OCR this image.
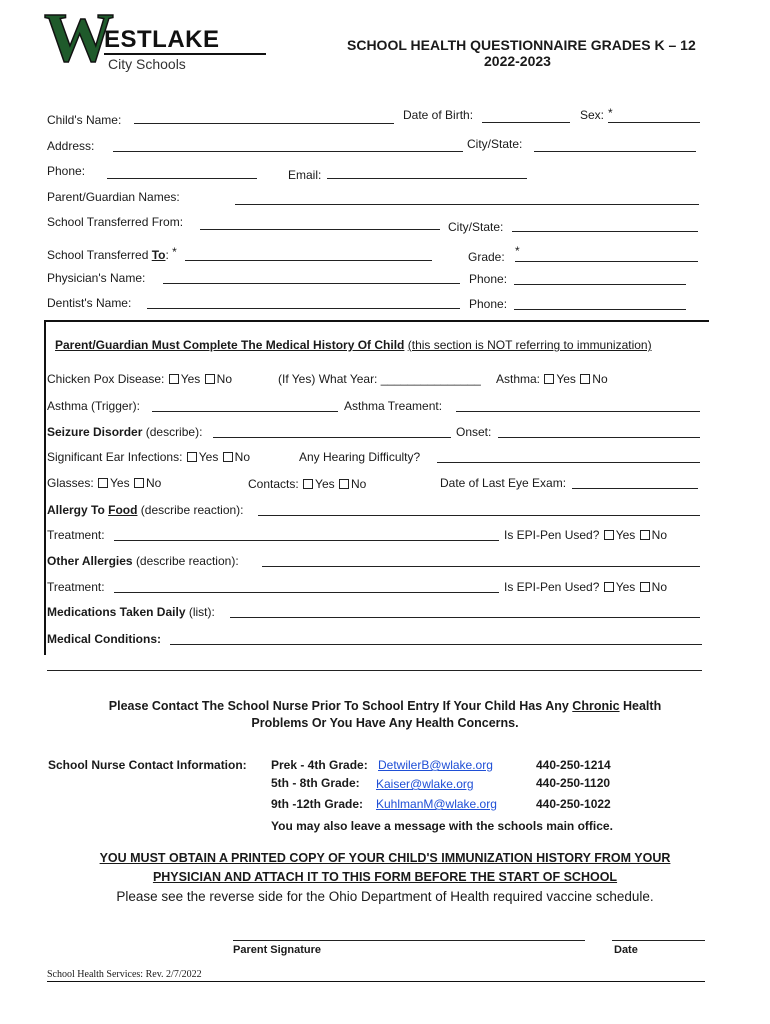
W
ESTLAKE
City Schools
SCHOOL HEALTH QUESTIONNAIRE GRADES K – 12
2022-2023
Child's Name:	Date of Birth:	Sex: *
Address:	City/State:
Phone:	Email:
Parent/Guardian Names:
School Transferred From:	City/State:
School Transferred To: *	Grade: *
Physician's Name:	Phone:
Dentist's Name:	Phone:
Parent/Guardian Must Complete The Medical History Of Child (this section is NOT referring to immunization)
Chicken Pox Disease: Yes No	(If Yes) What Year: _______________ Asthma: Yes No
Asthma (Trigger):	Asthma Treament:
Seizure Disorder (describe):	Onset:
Significant Ear Infections: Yes No	Any Hearing Difficulty?
Glasses: Yes No	Contacts: Yes No	Date of Last Eye Exam:
Allergy To Food (describe reaction):
Treatment:	Is EPI-Pen Used? Yes No
Other Allergies (describe reaction):
Treatment:	Is EPI-Pen Used? Yes No
Medications Taken Daily (list):
Medical Conditions:
Please Contact The School Nurse Prior To School Entry If Your Child Has Any Chronic Health
Problems Or You Have Any Health Concerns.
School Nurse Contact Information: Prek - 4th Grade: DetwilerB@wlake.org	440-250-1214
5th - 8th Grade: Kaiser@wlake.org	440-250-1120
9th -12th Grade: KuhlmanM@wlake.org	440-250-1022
You may also leave a message with the schools main office.
YOU MUST OBTAIN A PRINTED COPY OF YOUR CHILD'S IMMUNIZATION HISTORY FROM YOUR
PHYSICIAN AND ATTACH IT TO THIS FORM BEFORE THE START OF SCHOOL
Please see the reverse side for the Ohio Department of Health required vaccine schedule.
Parent Signature	Date
School Health Services: Rev. 2/7/2022
